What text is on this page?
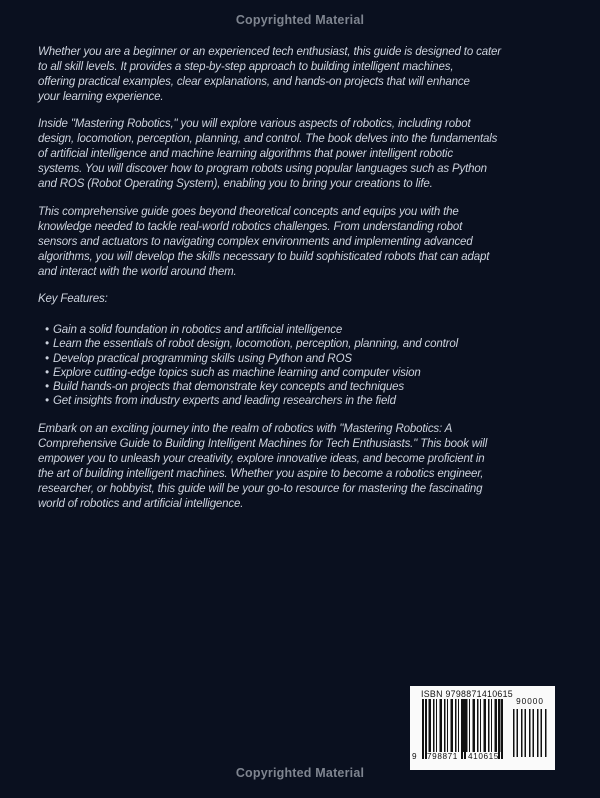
Copyrighted Material
Whether you are a beginner or an experienced tech enthusiast, this guide is designed to cater
to all skill levels. It provides a step-by-step approach to building intelligent machines,
offering practical examples, clear explanations, and hands-on projects that will enhance
your learning experience.
Inside "Mastering Robotics," you will explore various aspects of robotics, including robot
design, locomotion, perception, planning, and control. The book delves into the fundamentals
of artificial intelligence and machine learning algorithms that power intelligent robotic
systems. You will discover how to program robots using popular languages such as Python
and ROS (Robot Operating System), enabling you to bring your creations to life.
This comprehensive guide goes beyond theoretical concepts and equips you with the
knowledge needed to tackle real-world robotics challenges. From understanding robot
sensors and actuators to navigating complex environments and implementing advanced
algorithms, you will develop the skills necessary to build sophisticated robots that can adapt
and interact with the world around them.
Key Features:
•
Gain a solid foundation in robotics and artificial intelligence
•
Learn the essentials of robot design, locomotion, perception, planning, and control
•
Develop practical programming skills using Python and ROS
•
Explore cutting-edge topics such as machine learning and computer vision
•
Build hands-on projects that demonstrate key concepts and techniques
•
Get insights from industry experts and leading researchers in the field
Embark on an exciting journey into the realm of robotics with "Mastering Robotics: A
Comprehensive Guide to Building Intelligent Machines for Tech Enthusiasts." This book will
empower you to unleash your creativity, explore innovative ideas, and become proficient in
the art of building intelligent machines. Whether you aspire to become a robotics engineer,
researcher, or hobbyist, this guide will be your go-to resource for mastering the fascinating
world of robotics and artificial intelligence.
ISBN 9798871410615
9	798871	410615
90000
Copyrighted Material
